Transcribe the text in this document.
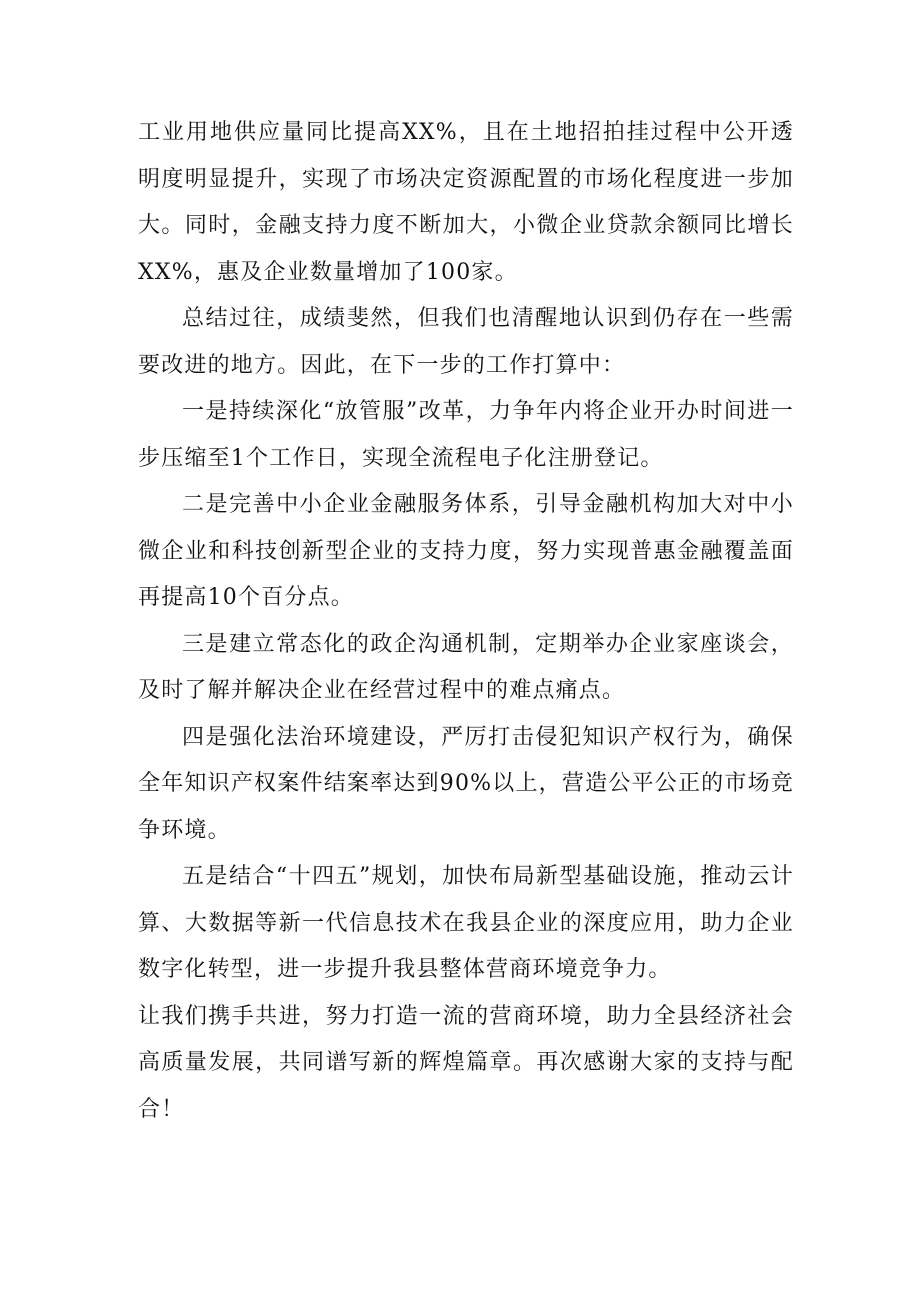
工业用地供应量同比提高XX%，且在土地招拍挂过程中公开透明度明显提升，实现了市场决定资源配置的市场化程度进一步加大。同时，金融支持力度不断加大，小微企业贷款余额同比增长XX%，惠及企业数量增加了100家。

总结过往，成绩斐然，但我们也清醒地认识到仍存在一些需要改进的地方。因此，在下一步的工作打算中：

一是持续深化“放管服”改革，力争年内将企业开办时间进一步压缩至1个工作日，实现全流程电子化注册登记。

二是完善中小企业金融服务体系，引导金融机构加大对中小微企业和科技创新型企业的支持力度，努力实现普惠金融覆盖面再提高10个百分点。

三是建立常态化的政企沟通机制，定期举办企业家座谈会，及时了解并解决企业在经营过程中的难点痛点。

四是强化法治环境建设，严厉打击侵犯知识产权行为，确保全年知识产权案件结案率达到90%以上，营造公平公正的市场竞争环境。

五是结合“十四五”规划，加快布局新型基础设施，推动云计算、大数据等新一代信息技术在我县企业的深度应用，助力企业数字化转型，进一步提升我县整体营商环境竞争力。

让我们携手共进，努力打造一流的营商环境，助力全县经济社会高质量发展，共同谱写新的辉煌篇章。再次感谢大家的支持与配合！
